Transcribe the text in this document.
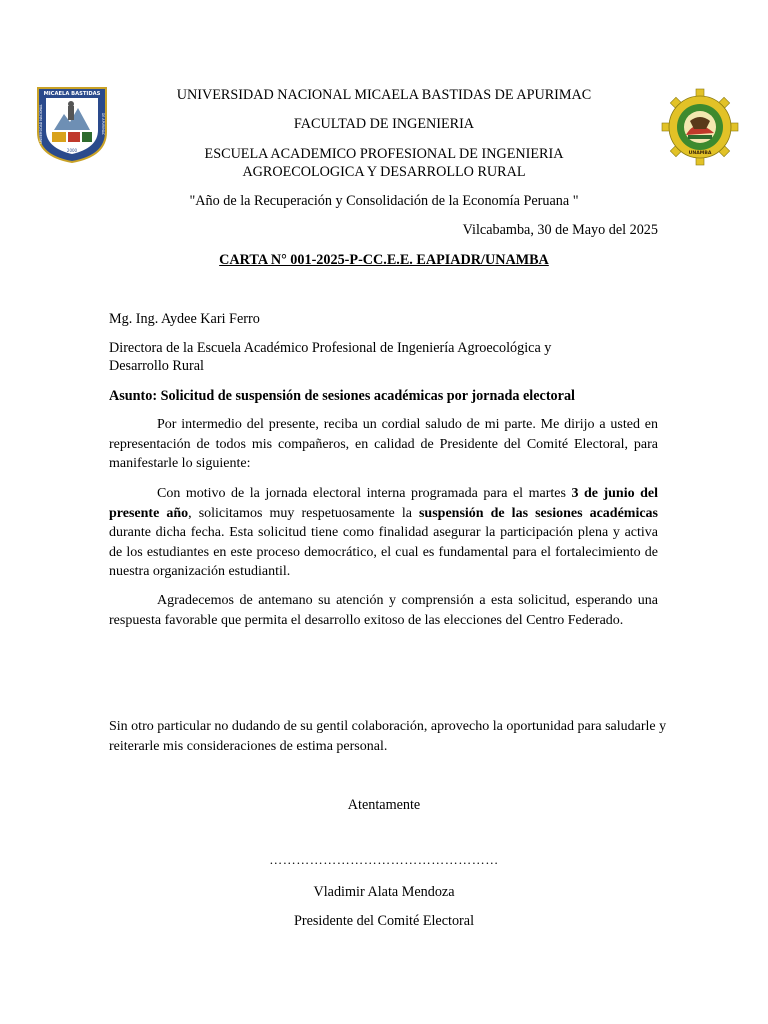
MICAELA BASTIDAS
UNIVERSIDAD NACIONAL	DE APURIMAC
2000
UNAMBA
UNIVERSIDAD NACIONAL MICAELA BASTIDAS DE APURIMAC
FACULTAD DE INGENIERIA
ESCUELA ACADEMICO PROFESIONAL DE INGENIERIA
AGROECOLOGICA Y DESARROLLO RURAL
"Año de la Recuperación y Consolidación de la Economía Peruana "
Vilcabamba, 30 de Mayo del 2025
CARTA N° 001-2025-P-CC.E.E. EAPIADR/UNAMBA
Mg. Ing. Aydee Kari Ferro
Directora de la Escuela Académico Profesional de Ingeniería Agroecológica y
Desarrollo Rural
Asunto: Solicitud de suspensión de sesiones académicas por jornada electoral
Por intermedio del presente, reciba un cordial saludo de mi parte. Me dirijo a usted en representación de todos mis compañeros, en calidad de Presidente del Comité Electoral, para manifestarle lo siguiente:
Con motivo de la jornada electoral interna programada para el martes 3 de junio del presente año, solicitamos muy respetuosamente la suspensión de las sesiones académicas durante dicha fecha. Esta solicitud tiene como finalidad asegurar la participación plena y activa de los estudiantes en este proceso democrático, el cual es fundamental para el fortalecimiento de nuestra organización estudiantil.
Agradecemos de antemano su atención y comprensión a esta solicitud, esperando una respuesta favorable que permita el desarrollo exitoso de las elecciones del Centro Federado.
Sin otro particular no dudando de su gentil colaboración, aprovecho la oportunidad para saludarle y reiterarle mis consideraciones de estima personal.
Atentamente
……………………………………………
Vladimir Alata Mendoza
Presidente del Comité Electoral
